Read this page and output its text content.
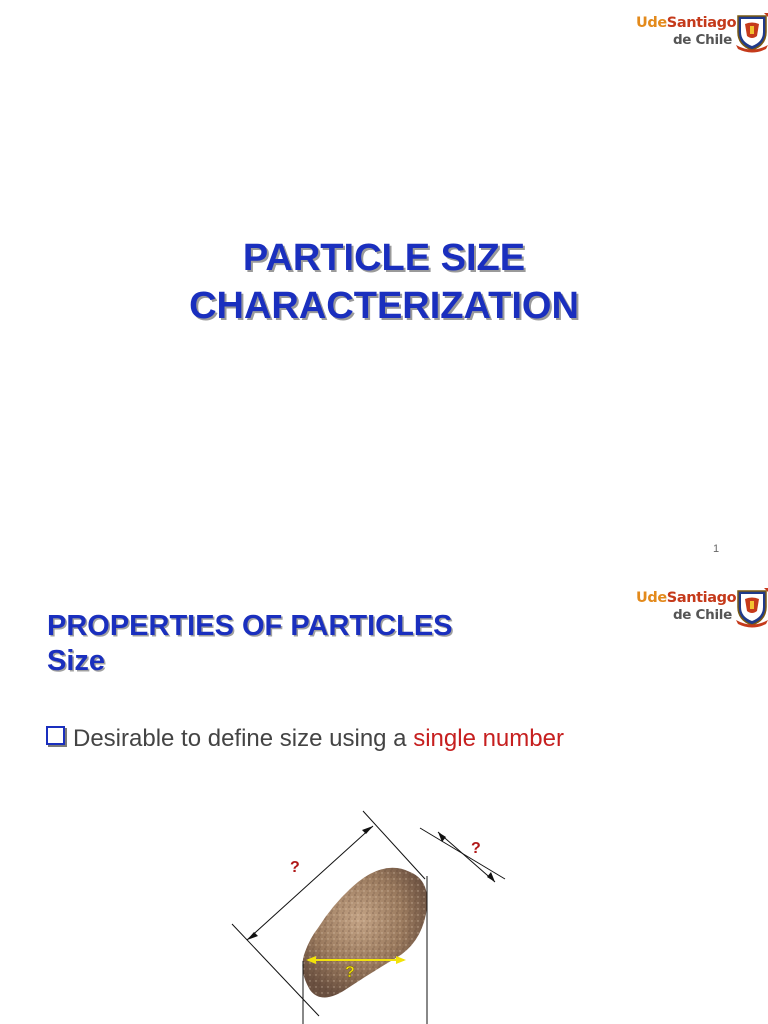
UdeSantiago
de Chile
PARTICLE SIZE
CHARACTERIZATION
1
UdeSantiago
de Chile
PROPERTIES OF PARTICLES
Size
Desirable to define size using a single number
?
?
?
